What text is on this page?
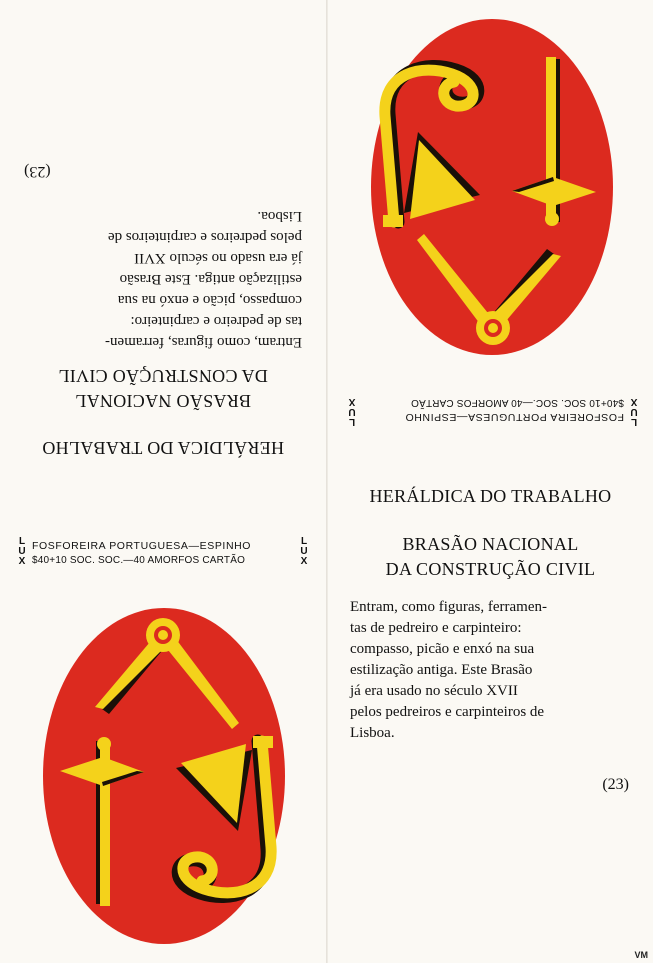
HERÁLDICA DO TRABALHO
BRASÃO NACIONAL
DA CONSTRUÇÃO CIVIL
Entram, como figuras, ferramen-
tas de pedreiro e carpinteiro:
compasso, picão e enxó na sua
estilização antiga. Este Brasão
já era usado no século XVII
pelos pedreiros e carpinteiros de
Lisboa.
(23)
L
U
X
FOSFOREIRA PORTUGUESA—ESPINHO
$40+10 SOC. SOC.—40 AMORFOS CARTÃO
L
U
X
L
U
X
FOSFOREIRA PORTUGUESA—ESPINHO
$40+10 SOC. SOC.—40 AMORFOS CARTÃO
L
U
X
HERÁLDICA DO TRABALHO
BRASÃO NACIONAL
DA CONSTRUÇÃO CIVIL
Entram, como figuras, ferramen-
tas de pedreiro e carpinteiro:
compasso, picão e enxó na sua
estilização antiga. Este Brasão
já era usado no século XVII
pelos pedreiros e carpinteiros de
Lisboa.
(23)
VM
